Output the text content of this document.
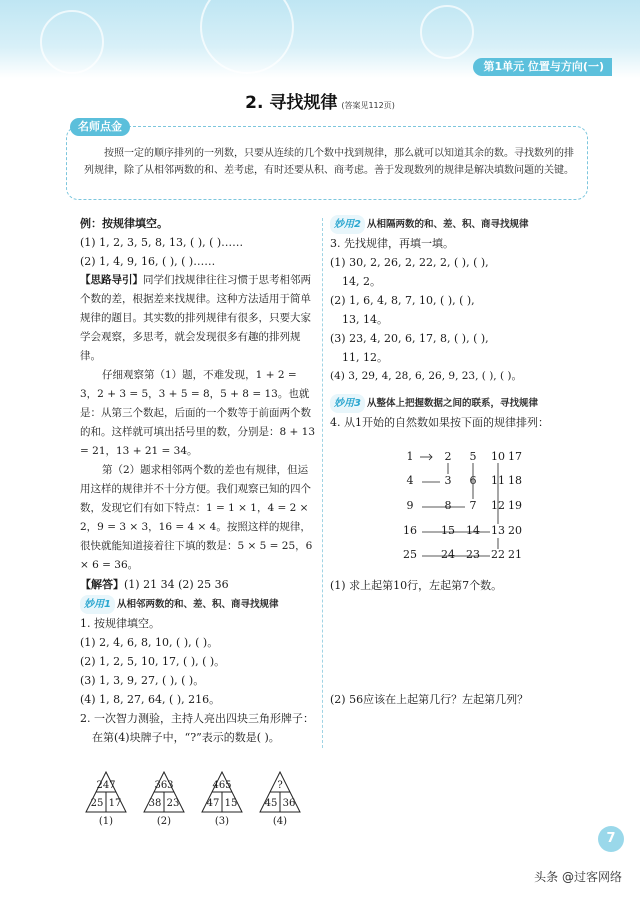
第1单元 位置与方向(一)
2. 寻找规律 (答案见112页)
名师点金
按照一定的顺序排列的一列数，只要从连续的几个数中找到规律，那么就可以知道其余的数。寻找数列的排列规律，除了从相邻两数的和、差考虑，有时还要从积、商考虑。善于发现数列的规律是解决填数问题的关键。
例：按规律填空。
(1) 1, 2, 3, 5, 8, 13, ( ), ( )……
(2) 1, 4, 9, 16, ( ), ( )……
【思路导引】同学们找规律往往习惯于思考相邻两个数的差，根据差来找规律。这种方法适用于简单规律的题目。其实数的排列规律有很多，只要大家学会观察，多思考，就会发现很多有趣的排列规律。
仔细观察第（1）题，不难发现，1 + 2 = 3，2 + 3 = 5，3 + 5 = 8，5 + 8 = 13。也就是：从第三个数起，后面的一个数等于前面两个数的和。这样就可填出括号里的数，分别是：8 + 13 = 21，13 + 21 = 34。
第（2）题求相邻两个数的差也有规律，但运用这样的规律并不十分方便。我们观察已知的四个数，发现它们有如下特点：1 = 1 × 1，4 = 2 × 2，9 = 3 × 3，16 = 4 × 4。按照这样的规律，很快就能知道接着往下填的数是：5 × 5 = 25，6 × 6 = 36。
【解答】(1) 21 34 (2) 25 36
妙用1 从相邻两数的和、差、积、商寻找规律
1. 按规律填空。
(1) 2, 4, 6, 8, 10, ( ), ( )。
(2) 1, 2, 5, 10, 17, ( ), ( )。
(3) 1, 3, 9, 27, ( ), ( )。
(4) 1, 8, 27, 64, ( ), 216。
2. 一次智力测验，主持人亮出四块三角形牌子：
在第(4)块牌子中，“?”表示的数是( )。
247
25 17
(1)
363
38 23
(2)
465
47 15
(3)
?
45 36
(4)
妙用2 从相隔两数的和、差、积、商寻找规律
3. 先找规律，再填一填。
(1) 30, 2, 26, 2, 22, 2, ( ), ( ),
14, 2。
(2) 1, 6, 4, 8, 7, 10, ( ), ( ),
13, 14。
(3) 23, 4, 20, 6, 17, 8, ( ), ( ),
11, 12。
(4) 3, 29, 4, 28, 6, 26, 9, 23, ( ), ( )。
妙用3 从整体上把握数据之间的联系，寻找规律
4. 从1开始的自然数如果按下面的规律排列：
1	2	5	10 17
4	3	6	11 18
9	8	7	12 19
16 15 14 13 20
25 24 23 22 21
(1) 求上起第10行，左起第7个数。
(2) 56应该在上起第几行？左起第几列？
7
头条 @过客网络
